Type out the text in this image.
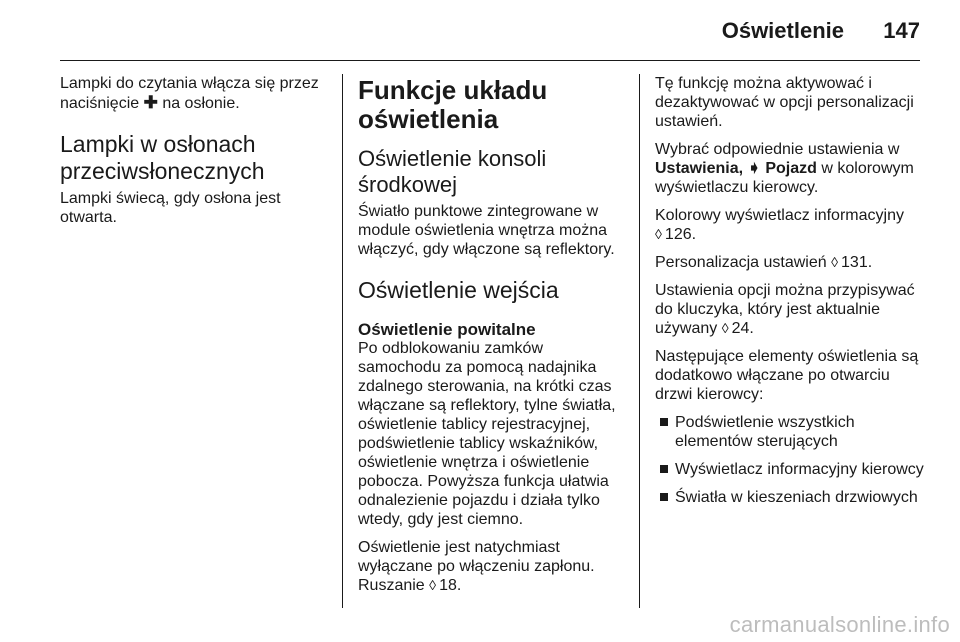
Oświetlenie 147

Lampki do czytania włącza się przez naciśnięcie ✚ na osłonie.

Lampki w osłonach przeciwsłonecznych

Lampki świecą, gdy osłona jest otwarta.

Funkcje układu oświetlenia
Oświetlenie konsoli środkowej

Światło punktowe zintegrowane w module oświetlenia wnętrza można włączyć, gdy włączone są reflektory.

Oświetlenie wejścia
Oświetlenie powitalne

Po odblokowaniu zamków samochodu za pomocą nadajnika zdalnego sterowania, na krótki czas włączane są reflektory, tylne światła, oświetlenie tablicy rejestracyjnej, podświetlenie tablicy wskaźników, oświetlenie wnętrza i oświetlenie pobocza. Powyższa funkcja ułatwia odnalezienie pojazdu i działa tylko wtedy, gdy jest ciemno.

Oświetlenie jest natychmiast wyłączane po włączeniu zapłonu.
Ruszanie ◊ 18.

Tę funkcję można aktywować i dezaktywować w opcji personalizacji ustawień.

Wybrać odpowiednie ustawienia w
Ustawienia, ➧ Pojazd w kolorowym wyświetlaczu kierowcy.

Kolorowy wyświetlacz informacyjny
◊ 126.

Personalizacja ustawień ◊ 131.

Ustawienia opcji można przypisywać do kluczyka, który jest aktualnie używany ◊ 24.

Następujące elementy oświetlenia są dodatkowo włączane po otwarciu drzwi kierowcy:

Podświetlenie wszystkich elementów sterujących
Wyświetlacz informacyjny kierowcy
Światła w kieszeniach drzwiowych
carmanualsonline.info
